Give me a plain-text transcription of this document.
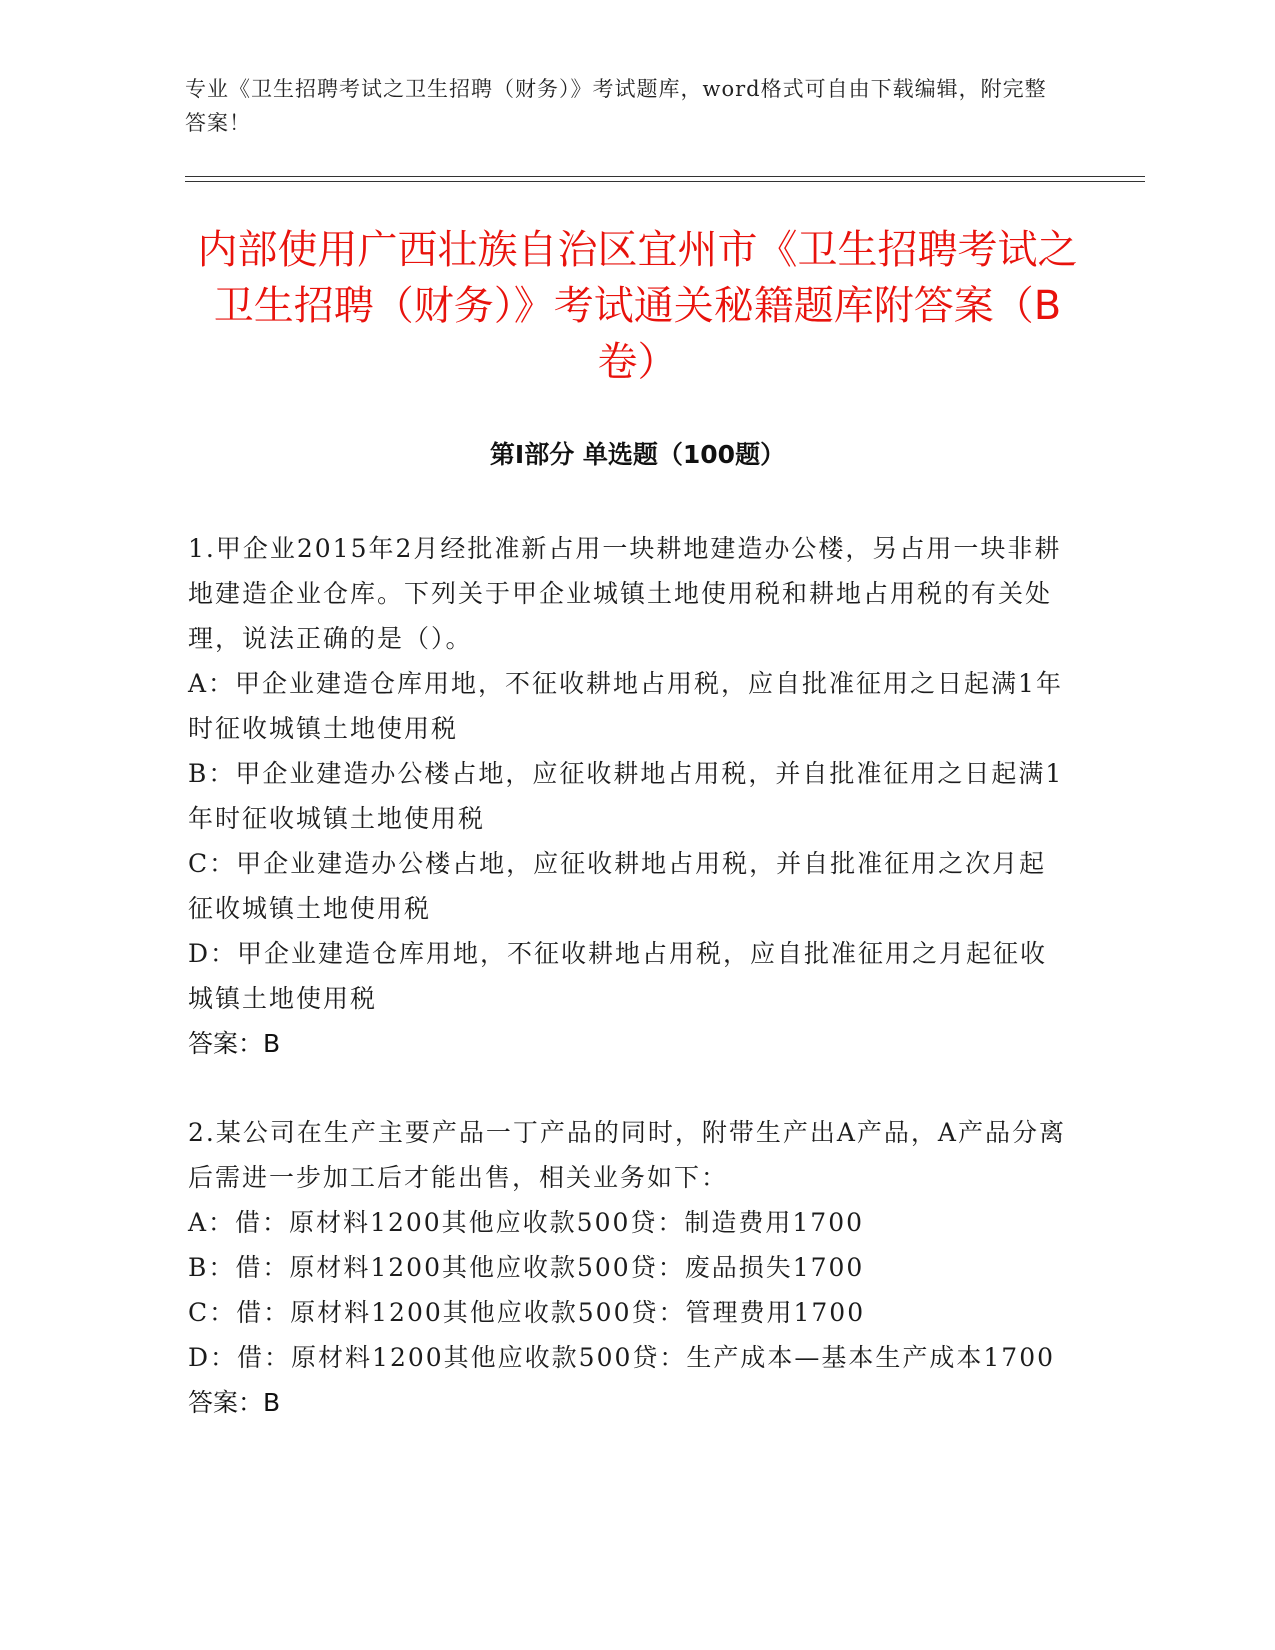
专业《卫生招聘考试之卫生招聘（财务）》考试题库，word格式可自由下载编辑，附完整答案！
内部使用广西壮族自治区宜州市《卫生招聘考试之卫生招聘（财务）》考试通关秘籍题库附答案（B卷）
第Ⅰ部分 单选题（100题）

1.甲企业2015年2月经批准新占用一块耕地建造办公楼，另占用一块非耕地建造企业仓库。下列关于甲企业城镇土地使用税和耕地占用税的有关处理，说法正确的是（）。

A：甲企业建造仓库用地，不征收耕地占用税，应自批准征用之日起满1年时征收城镇土地使用税

B：甲企业建造办公楼占地，应征收耕地占用税，并自批准征用之日起满1年时征收城镇土地使用税

C：甲企业建造办公楼占地，应征收耕地占用税，并自批准征用之次月起征收城镇土地使用税

D：甲企业建造仓库用地，不征收耕地占用税，应自批准征用之月起征收城镇土地使用税

答案：B

2.某公司在生产主要产品一丁产品的同时，附带生产出A产品，A产品分离后需进一步加工后才能出售，相关业务如下：

A：借：原材料1200其他应收款500贷：制造费用1700

B：借：原材料1200其他应收款500贷：废品损失1700

C：借：原材料1200其他应收款500贷：管理费用1700

D：借：原材料1200其他应收款500贷：生产成本—基本生产成本1700

答案：B
